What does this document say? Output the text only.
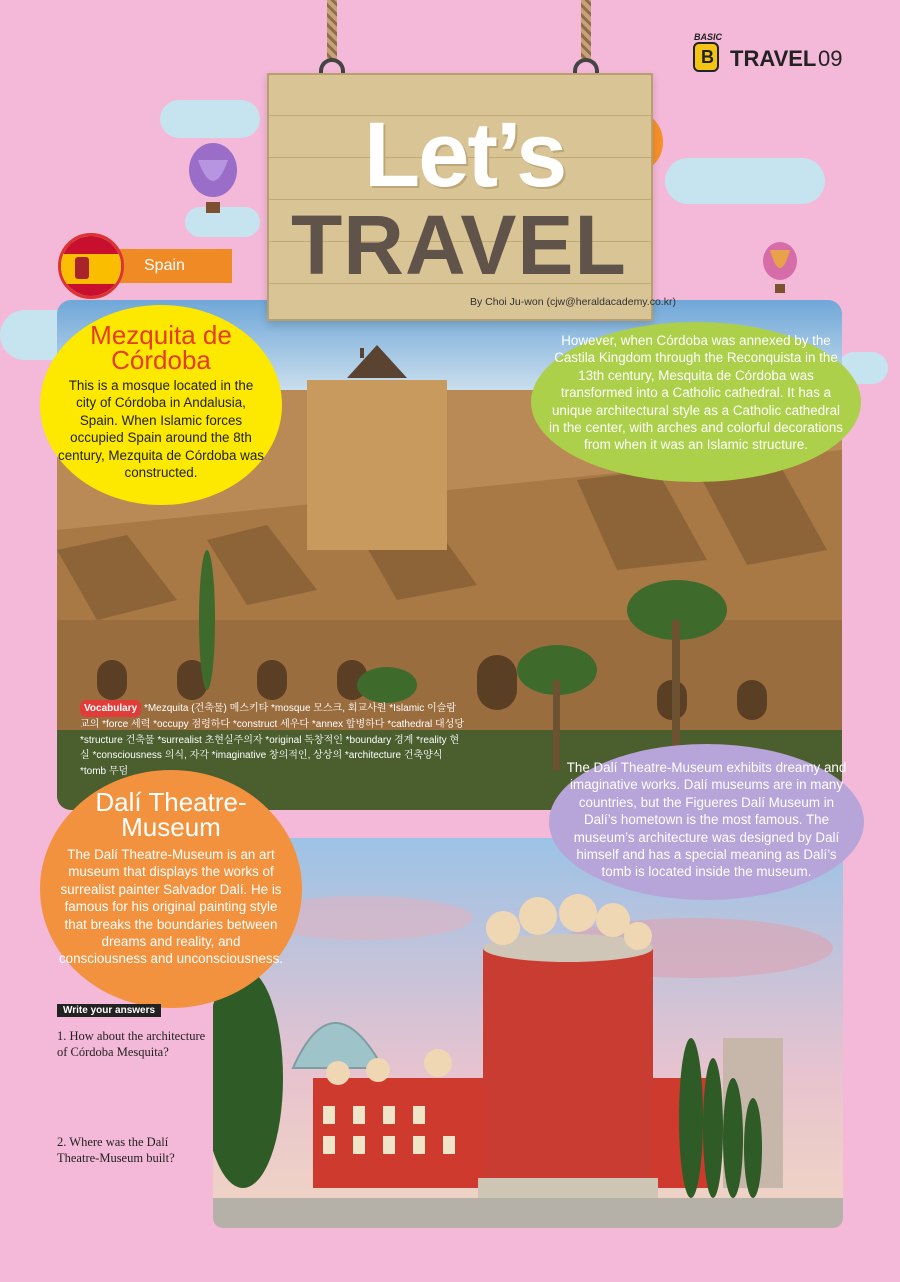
BASIC
B TRAVEL 09
Let’s
TRAVEL
By Choi Ju-won (cjw@heraldacademy.co.kr)
Spain
Mezquita de Córdoba
This is a mosque located in the city of Córdoba in Andalusia, Spain. When Islamic forces occupied Spain around the 8th century, Mezquita de Córdoba was constructed.
However, when Córdoba was annexed by the Castila Kingdom through the Reconquista in the 13th century, Mesquita de Córdoba was transformed into a Catholic cathedral. It has a unique architectural style as a Catholic cathedral in the center, with arches and colorful decorations from when it was an Islamic structure.
Vocabulary *Mezquita (건축물) 메스키타 *mosque 모스크, 회교사원 *Islamic 이슬람교의 *force 세력 *occupy 점령하다 *construct 세우다 *annex 합병하다 *cathedral 대성당 *structure 건축물 *surrealist 초현실주의자 *original 독창적인 *boundary 경계 *reality 현실 *consciousness 의식, 자각 *imaginative 창의적인, 상상의 *architecture 건축양식 *tomb 무덤	The Dalí Theatre-Museum exhibits dreamy and imaginative works. Dalí museums are in many countries, but the Figueres Dalí Museum in Dalí’s hometown is the most famous. The museum’s architecture was designed by Dalí himself and has a special meaning as Dalí’s tomb is located inside the museum.
Dalí Theatre-Museum
The Dalí Theatre-Museum is an art museum that displays the works of surrealist painter Salvador Dalí. He is famous for his original painting style that breaks the boundaries between dreams and reality, and consciousness and unconsciousness.
Write your answers
1. How about the architecture of Córdoba Mesquita?
2. Where was the Dalí Theatre-Museum built?
